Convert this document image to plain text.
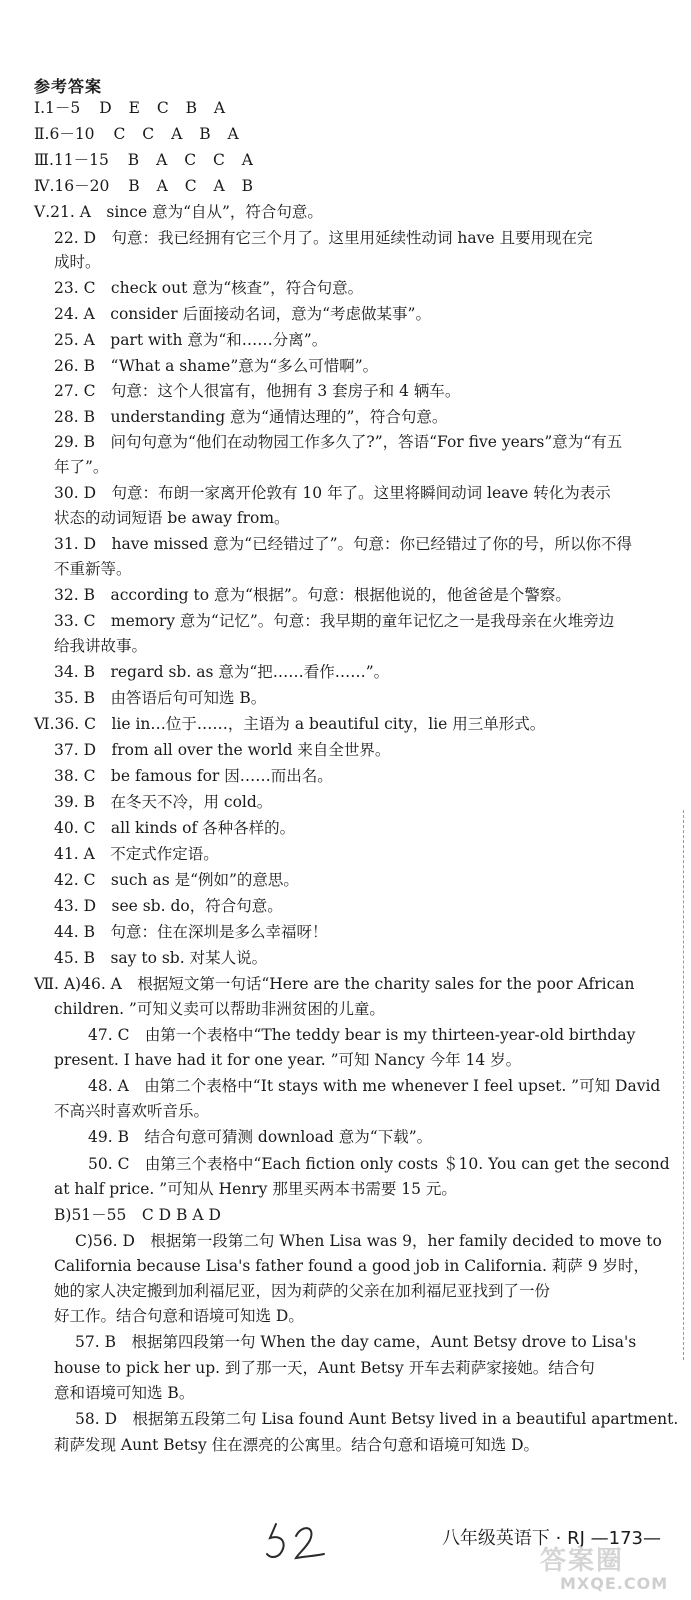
参考答案
Ⅰ.1－5 D E C B A
Ⅱ.6－10 C C A B A
Ⅲ.11－15 B A C C A
Ⅳ.16－20 B A C A B
Ⅴ.21. A　since 意为“自从”，符合句意。
22. D　句意：我已经拥有它三个月了。这里用延续性动词 have 且要用现在完
成时。
23. C　check out 意为“核查”，符合句意。
24. A　consider 后面接动名词，意为“考虑做某事”。
25. A　part with 意为“和……分离”。
26. B　“What a shame”意为“多么可惜啊”。
27. C　句意：这个人很富有，他拥有 3 套房子和 4 辆车。
28. B　understanding 意为“通情达理的”，符合句意。
29. B　问句句意为“他们在动物园工作多久了?”，答语“For five years”意为“有五
年了”。
30. D　句意：布朗一家离开伦敦有 10 年了。这里将瞬间动词 leave 转化为表示
状态的动词短语 be away from。
31. D　have missed 意为“已经错过了”。句意：你已经错过了你的号，所以你不得
不重新等。
32. B　according to 意为“根据”。句意：根据他说的，他爸爸是个警察。
33. C　memory 意为“记忆”。句意：我早期的童年记忆之一是我母亲在火堆旁边
给我讲故事。
34. B　regard sb. as 意为“把……看作……”。
35. B　由答语后句可知选 B。
Ⅵ.36. C　lie in…位于……，主语为 a beautiful city，lie 用三单形式。
37. D　from all over the world 来自全世界。
38. C　be famous for 因……而出名。
39. B　在冬天不冷，用 cold。
40. C　all kinds of 各种各样的。
41. A　不定式作定语。
42. C　such as 是“例如”的意思。
43. D　see sb. do，符合句意。
44. B　句意：住在深圳是多么幸福呀！
45. B　say to sb. 对某人说。
Ⅶ. A)46. A　根据短文第一句话“Here are the charity sales for the poor African
children. ”可知义卖可以帮助非洲贫困的儿童。
47. C　由第一个表格中“The teddy bear is my thirteen-year-old birthday
present. I have had it for one year. ”可知 Nancy 今年 14 岁。
48. A　由第二个表格中“It stays with me whenever I feel upset. ”可知 David
不高兴时喜欢听音乐。
49. B　结合句意可猜测 download 意为“下载”。
50. C　由第三个表格中“Each fiction only costs ＄10. You can get the second
at half price. ”可知从 Henry 那里买两本书需要 15 元。
B)51－55　C D B A D
C)56. D　根据第一段第二句 When Lisa was 9，her family decided to move to
California because Lisa's father found a good job in California. 莉萨 9 岁时，
她的家人决定搬到加利福尼亚，因为莉萨的父亲在加利福尼亚找到了一份
好工作。结合句意和语境可知选 D。
57. B　根据第四段第一句 When the day came，Aunt Betsy drove to Lisa's
house to pick her up. 到了那一天，Aunt Betsy 开车去莉萨家接她。结合句
意和语境可知选 B。
58. D　根据第五段第二句 Lisa found Aunt Betsy lived in a beautiful apartment.
莉萨发现 Aunt Betsy 住在漂亮的公寓里。结合句意和语境可知选 D。
八年级英语下 · RJ —173—
答案圈
MXQE.COM
